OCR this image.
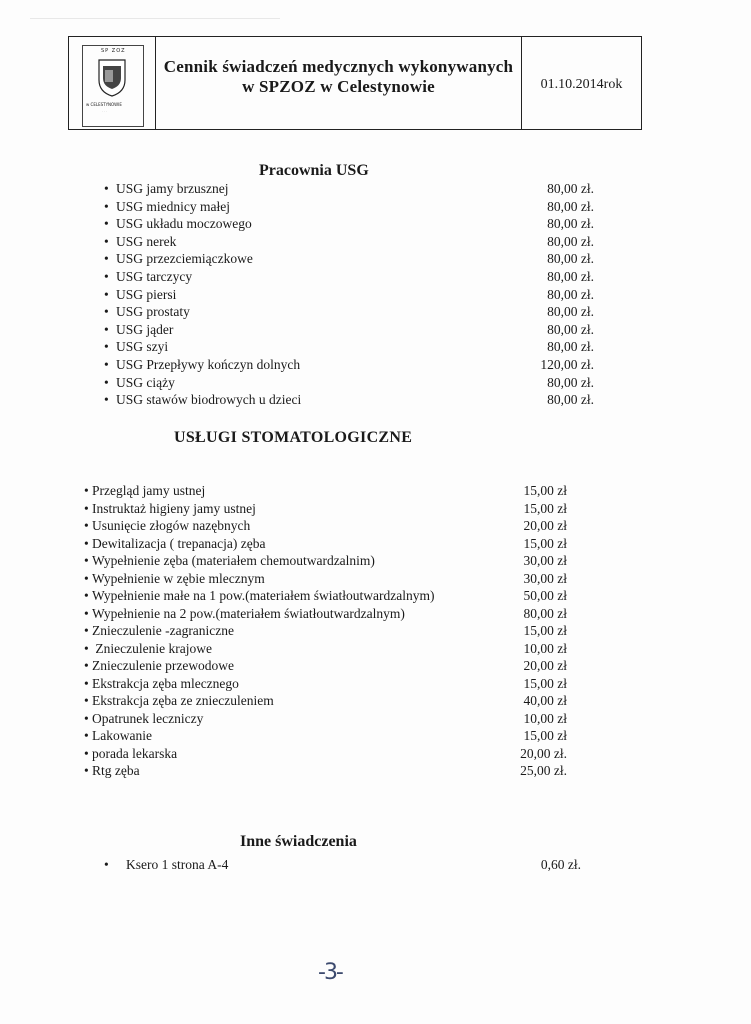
SP ZOZ
w CELESTYNOWIE
· · ·
Cennik świadczeń medycznych wykonywanych
w SPZOZ w Celestynowie	01.10.2014rok
Pracownia USG
• USG jamy brzusznej	80,00 zł.
• USG miednicy małej	80,00 zł.
• USG układu moczowego	80,00 zł.
• USG nerek	80,00 zł.
• USG przezciemiączkowe	80,00 zł.
• USG tarczycy	80,00 zł.
• USG piersi	80,00 zł.
• USG prostaty	80,00 zł.
• USG jąder	80,00 zł.
• USG szyi	80,00 zł.
• USG Przepływy kończyn dolnych	120,00 zł.
• USG ciąży	80,00 zł.
• USG stawów biodrowych u dzieci	80,00 zł.
USŁUGI STOMATOLOGICZNE
• Przegląd jamy ustnej	15,00 zł
• Instruktaż higieny jamy ustnej	15,00 zł
• Usunięcie złogów nazębnych	20,00 zł
• Dewitalizacja ( trepanacja) zęba	15,00 zł
• Wypełnienie zęba (materiałem chemoutwardzalnim)	30,00 zł
• Wypełnienie w zębie mlecznym	30,00 zł
• Wypełnienie małe na 1 pow.(materiałem światłoutwardzalnym)	50,00 zł
• Wypełnienie na 2 pow.(materiałem światłoutwardzalnym)	80,00 zł
• Znieczulenie -zagraniczne	15,00 zł
• Znieczulenie krajowe	10,00 zł
• Znieczulenie przewodowe	20,00 zł
• Ekstrakcja zęba mlecznego	15,00 zł
• Ekstrakcja zęba ze znieczuleniem	40,00 zł
• Opatrunek leczniczy	10,00 zł
• Lakowanie	15,00 zł
• porada lekarska	20,00 zł.
• Rtg zęba	25,00 zł.
Inne świadczenia
• Ksero 1 strona A-4	0,60 zł.
-3-
